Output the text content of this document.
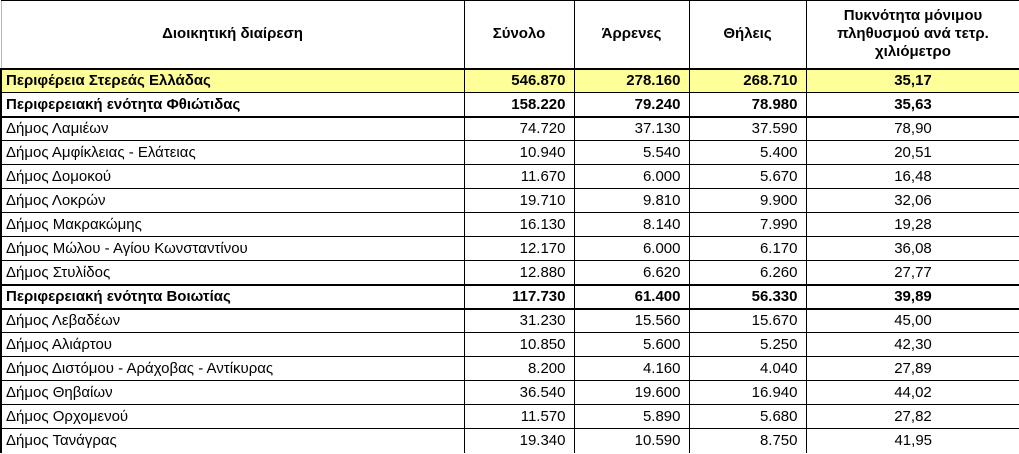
Διοικητική διαίρεση	Σύνολο	Άρρενες	Θήλεις	Πυκνότητα μόνιμου πληθυσμού ανά τετρ. χιλιόμετρο
Περιφέρεια Στερεάς Ελλάδας	546.870	278.160	268.710	35,17
Περιφερειακή ενότητα Φθιώτιδας	158.220	79.240	78.980	35,63
Δήμος Λαμιέων	74.720	37.130	37.590	78,90
Δήμος Αμφίκλειας - Ελάτειας	10.940	5.540	5.400	20,51
Δήμος Δομοκού	11.670	6.000	5.670	16,48
Δήμος Λοκρών	19.710	9.810	9.900	32,06
Δήμος Μακρακώμης	16.130	8.140	7.990	19,28
Δήμος Μώλου - Αγίου Κωνσταντίνου	12.170	6.000	6.170	36,08
Δήμος Στυλίδος	12.880	6.620	6.260	27,77
Περιφερειακή ενότητα Βοιωτίας	117.730	61.400	56.330	39,89
Δήμος Λεβαδέων	31.230	15.560	15.670	45,00
Δήμος Αλιάρτου	10.850	5.600	5.250	42,30
Δήμος Διστόμου - Αράχοβας - Αντίκυρας	8.200	4.160	4.040	27,89
Δήμος Θηβαίων	36.540	19.600	16.940	44,02
Δήμος Ορχομενού	11.570	5.890	5.680	27,82
Δήμος Τανάγρας	19.340	10.590	8.750	41,95
